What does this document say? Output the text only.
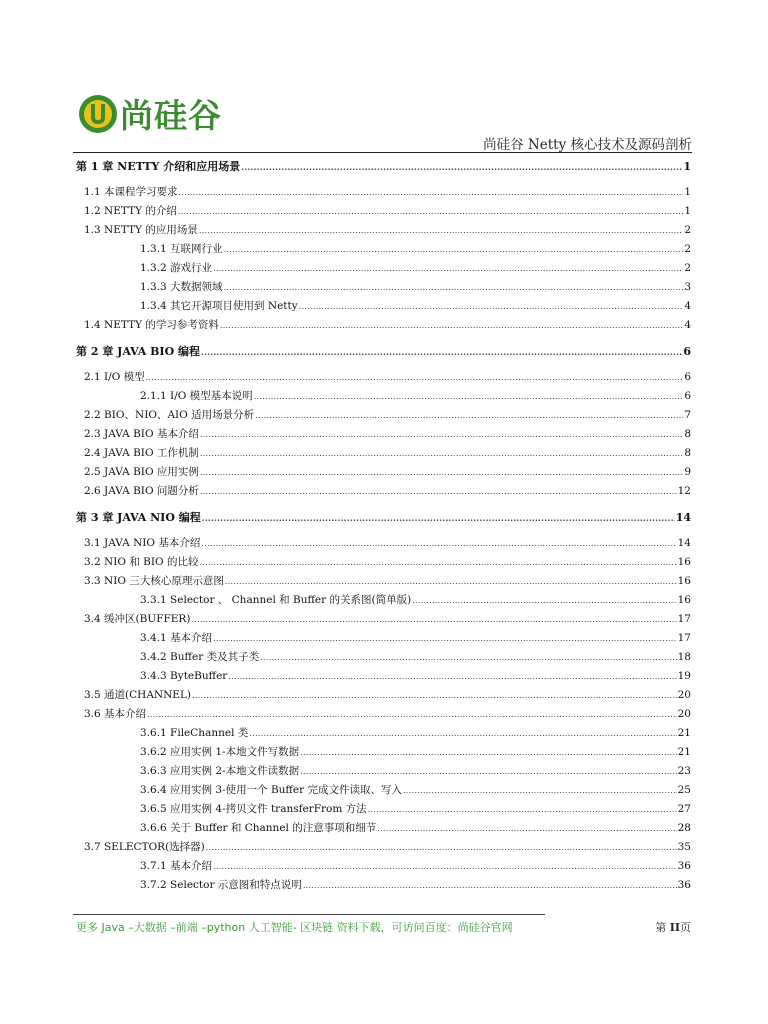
尚硅谷
尚硅谷 Netty 核心技术及源码剖析
第 1 章 NETTY 介绍和应用场景 .....	1
1.1 本课程学习要求 .....	1
1.2 NETTY 的介绍 .....	1
1.3 NETTY 的应用场景 .....	2
1.3.1 互联网行业 .....	2
1.3.2 游戏行业 .....	2
1.3.3 大数据领域 .....	3
1.3.4 其它开源项目使用到 Netty .....	4
1.4 NETTY 的学习参考资料 .....	4
第 2 章 JAVA BIO 编程 .....	6
2.1 I/O 模型 .....	6
2.1.1 I/O 模型基本说明 .....	6
2.2 BIO、NIO、AIO 适用场景分析 .....	7
2.3 JAVA BIO 基本介绍 .....	8
2.4 JAVA BIO 工作机制 .....	8
2.5 JAVA BIO 应用实例 .....	9
2.6 JAVA BIO 问题分析 .....	12
第 3 章 JAVA NIO 编程 .....	14
3.1 JAVA NIO 基本介绍 .....	14
3.2 NIO 和 BIO 的比较 .....	16
3.3 NIO 三大核心原理示意图 .....	16
3.3.1 Selector 、 Channel 和 Buffer 的关系图(简单版) .....	16
3.4 缓冲区(BUFFER) .....	17
3.4.1 基本介绍 .....	17
3.4.2 Buffer 类及其子类 .....	18
3.4.3 ByteBuffer .....	19
3.5 通道(CHANNEL) .....	20
3.6 基本介绍 .....	20
3.6.1 FileChannel 类 .....	21
3.6.2 应用实例 1-本地文件写数据 .....	21
3.6.3 应用实例 2-本地文件读数据 .....	23
3.6.4 应用实例 3-使用一个 Buffer 完成文件读取、写入 .....	25
3.6.5 应用实例 4-拷贝文件 transferFrom 方法 .....	27
3.6.6 关于 Buffer 和 Channel 的注意事项和细节 .....	28
3.7 SELECTOR(选择器) .....	35
3.7.1 基本介绍 .....	36
3.7.2 Selector 示意图和特点说明 .....	36
更多 Java –大数据 –前端 –python 人工智能- 区块链 资料下载，可访问百度：尚硅谷官网	第 II页
